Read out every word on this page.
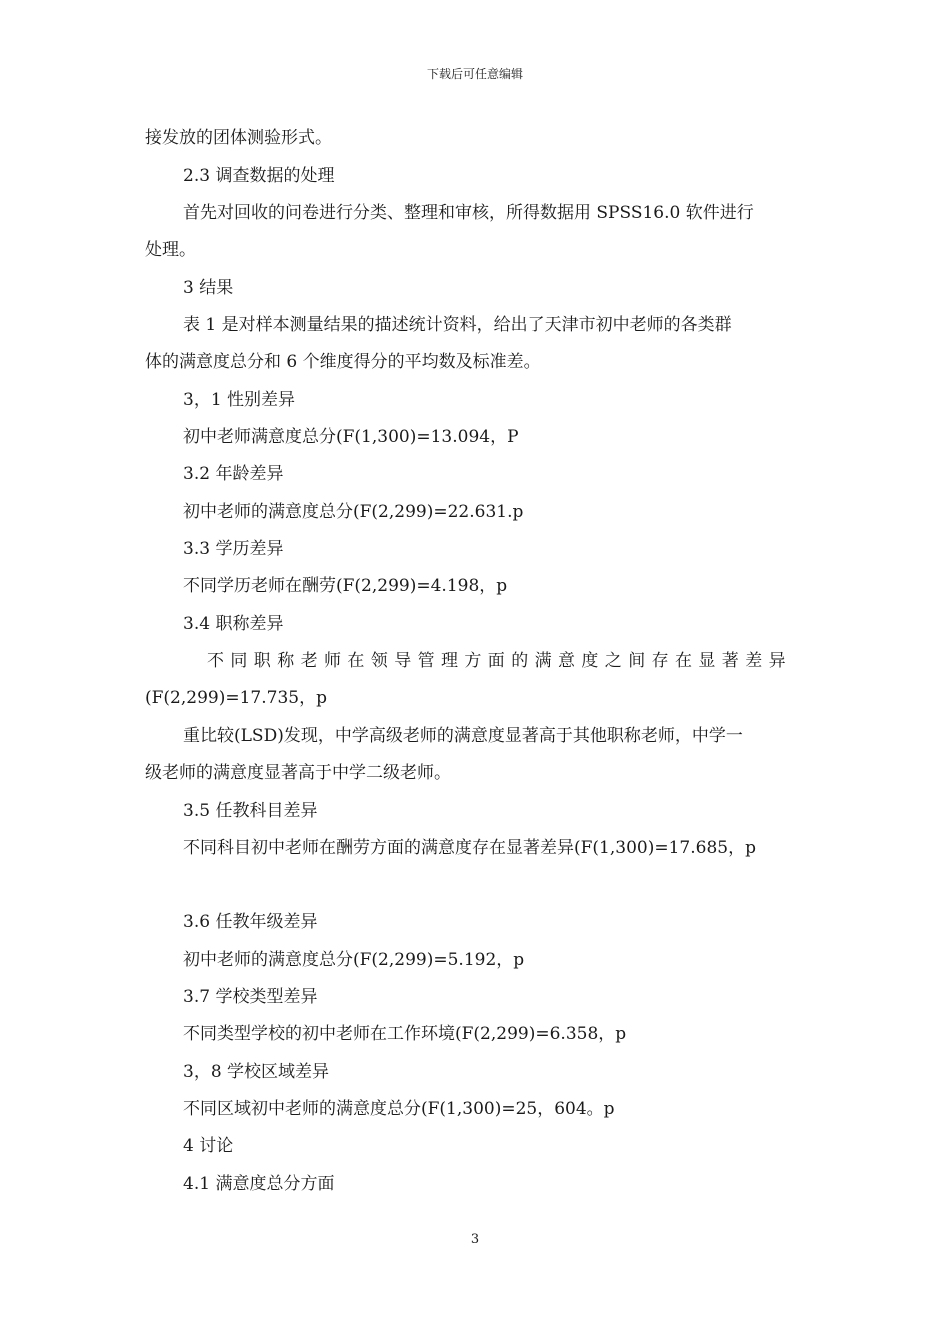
下载后可任意编辑
接发放的团体测验形式。
2.3 调查数据的处理
首先对回收的问卷进行分类、整理和审核，所得数据用 SPSS16.0 软件进行
处理。
3 结果
表 1 是对样本测量结果的描述统计资料，给出了天津市初中老师的各类群
体的满意度总分和 6 个维度得分的平均数及标准差。
3，1 性别差异
初中老师满意度总分(F(1,300)=13.094，P
3.2 年龄差异
初中老师的满意度总分(F(2,299)=22.631.p
3.3 学历差异
不同学历老师在酬劳(F(2,299)=4.198，p
3.4 职称差异
不同职称老师在领导管理方面的满意度之间存在显著差异
(F(2,299)=17.735，p
重比较(LSD)发现，中学高级老师的满意度显著高于其他职称老师，中学一
级老师的满意度显著高于中学二级老师。
3.5 任教科目差异
不同科目初中老师在酬劳方面的满意度存在显著差异(F(1,300)=17.685，p
3.6 任教年级差异
初中老师的满意度总分(F(2,299)=5.192，p
3.7 学校类型差异
不同类型学校的初中老师在工作环境(F(2,299)=6.358，p
3，8 学校区域差异
不同区域初中老师的满意度总分(F(1,300)=25，604。p
4 讨论
4.1 满意度总分方面
3
